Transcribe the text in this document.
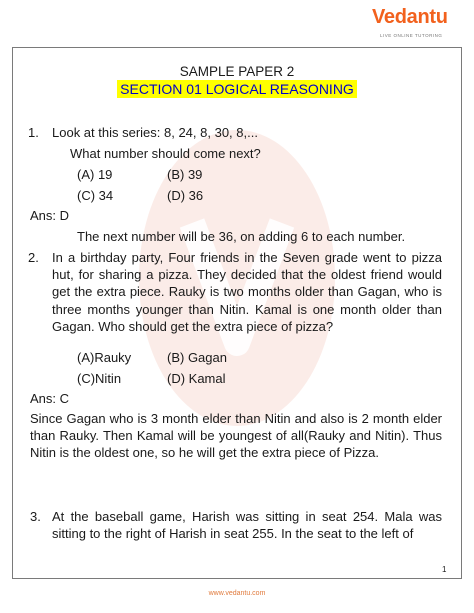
Vedantu
LIVE ONLINE TUTORING
SAMPLE PAPER 2
SECTION 01 LOGICAL REASONING
1. Look at this series: 8, 24, 8, 30, 8,...
What number should come next?
(A) 19	(B) 39
(C) 34	(D) 36
Ans: D
The next number will be 36, on adding 6 to each number.
2. In a birthday party, Four friends in the Seven grade went to pizza hut, for sharing a pizza. They decided that the oldest friend would get the extra piece. Rauky is two months older than Gagan, who is three months younger than Nitin. Kamal is one month older than Gagan. Who should get the extra piece of pizza?
(A)Rauky	(B) Gagan
(C)Nitin	(D) Kamal
Ans: C
Since Gagan who is 3 month elder than Nitin and also is 2 month elder than Rauky. Then Kamal will be youngest of all(Rauky and Nitin). Thus Nitin is the oldest one, so he will get the extra piece of Pizza.
3. At the baseball game, Harish was sitting in seat 254. Mala was sitting to the right of Harish in seat 255. In the seat to the left of
1
www.vedantu.com
